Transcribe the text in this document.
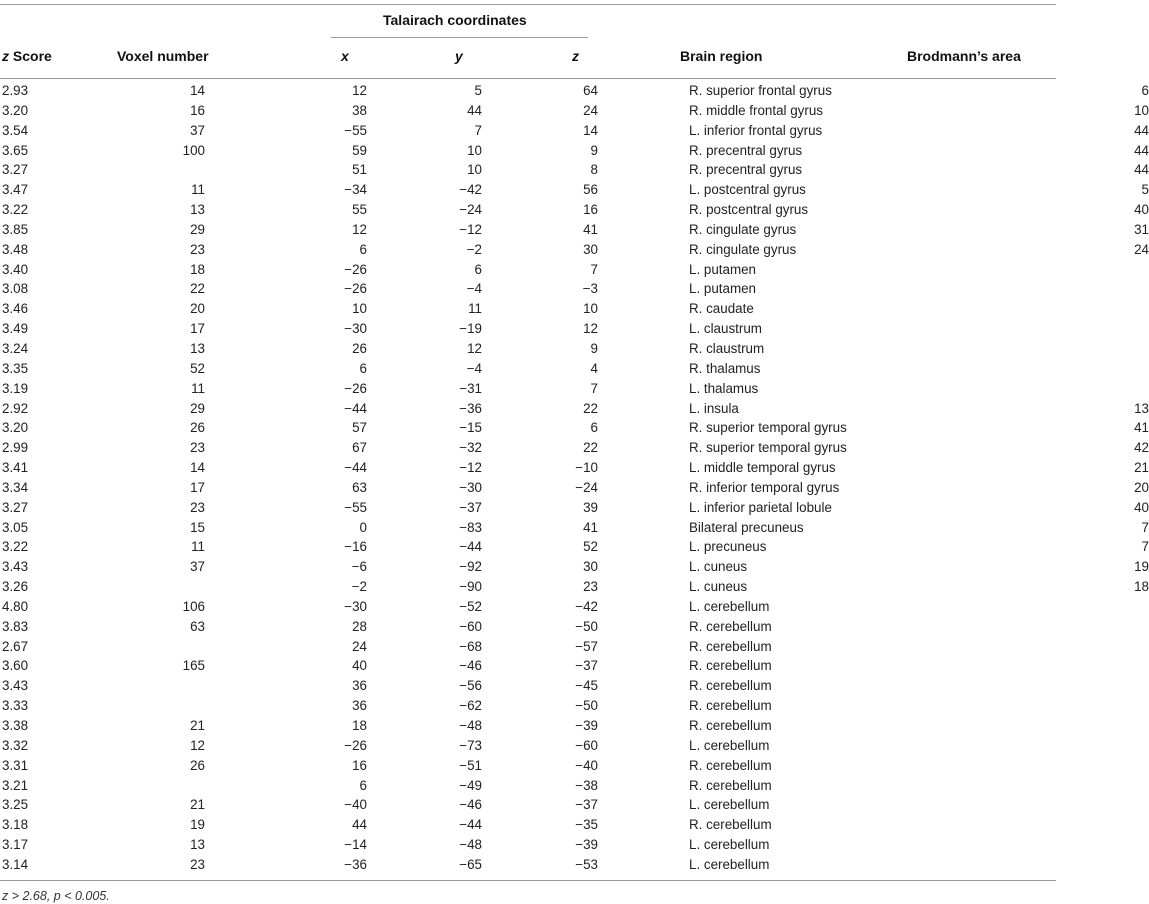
Talairach coordinates
z Score	Voxel number	x	y	z	Brain region	Brodmann’s area
2.93	14	12	5	64	R. superior frontal gyrus	6
3.20	16	38	44	24	R. middle frontal gyrus	10
3.54	37	−55	7	14	L. inferior frontal gyrus	44
3.65	100	59	10	9	R. precentral gyrus	44
3.27		51	10	8	R. precentral gyrus	44
3.47	11	−34	−42	56	L. postcentral gyrus	5
3.22	13	55	−24	16	R. postcentral gyrus	40
3.85	29	12	−12	41	R. cingulate gyrus	31
3.48	23	6	−2	30	R. cingulate gyrus	24
3.40	18	−26	6	7	L. putamen	
3.08	22	−26	−4	−3	L. putamen	
3.46	20	10	11	10	R. caudate	
3.49	17	−30	−19	12	L. claustrum	
3.24	13	26	12	9	R. claustrum	
3.35	52	6	−4	4	R. thalamus	
3.19	11	−26	−31	7	L. thalamus	
2.92	29	−44	−36	22	L. insula	13
3.20	26	57	−15	6	R. superior temporal gyrus	41
2.99	23	67	−32	22	R. superior temporal gyrus	42
3.41	14	−44	−12	−10	L. middle temporal gyrus	21
3.34	17	63	−30	−24	R. inferior temporal gyrus	20
3.27	23	−55	−37	39	L. inferior parietal lobule	40
3.05	15	0	−83	41	Bilateral precuneus	7
3.22	11	−16	−44	52	L. precuneus	7
3.43	37	−6	−92	30	L. cuneus	19
3.26		−2	−90	23	L. cuneus	18
4.80	106	−30	−52	−42	L. cerebellum	
3.83	63	28	−60	−50	R. cerebellum	
2.67		24	−68	−57	R. cerebellum	
3.60	165	40	−46	−37	R. cerebellum	
3.43		36	−56	−45	R. cerebellum	
3.33		36	−62	−50	R. cerebellum	
3.38	21	18	−48	−39	R. cerebellum	
3.32	12	−26	−73	−60	L. cerebellum	
3.31	26	16	−51	−40	R. cerebellum	
3.21		6	−49	−38	R. cerebellum	
3.25	21	−40	−46	−37	L. cerebellum	
3.18	19	44	−44	−35	R. cerebellum	
3.17	13	−14	−48	−39	L. cerebellum	
3.14	23	−36	−65	−53	L. cerebellum	
z > 2.68, p < 0.005.
